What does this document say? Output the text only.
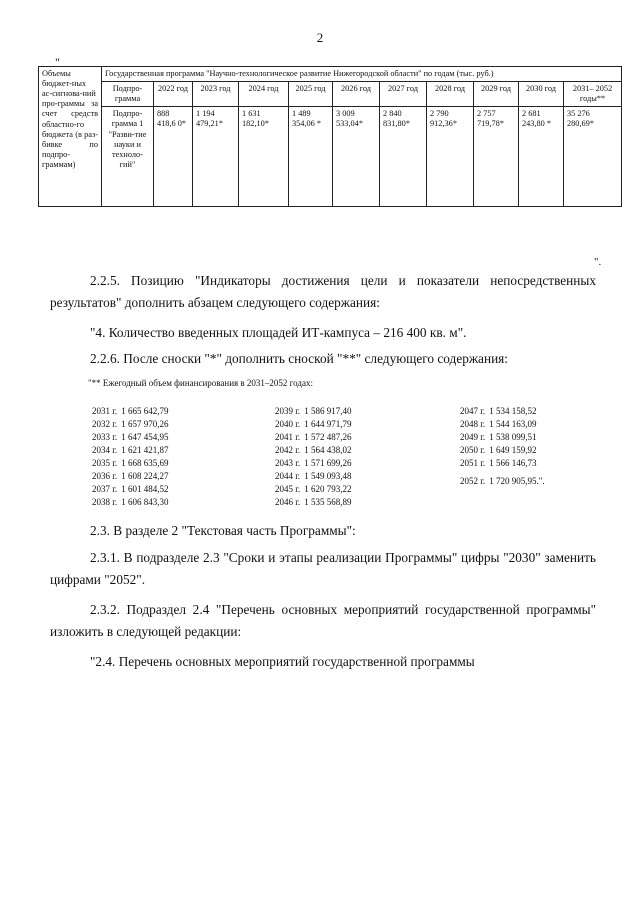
2
"
Объемы бюджет-ных ас-сигнова-ний про-граммы за счет средств областно-го бюджета (в раз-бивке по подпро-граммам)	Государственная программа "Научно-технологическое развитие Нижегородской области" по годам (тыс. руб.)										
	Подпро-грамма	2022 год	2023 год	2024 год	2025 год	2026 год	2027 год	2028 год	2029 год	2030 год	2031– 2052 годы**
	Подпро-грамма 1 "Разви-тие науки и техноло-гий"	888 418,6 0*	1 194 479,21*	1 631 182,10*	1 489 354,06 *	3 009 533,04*	2 840 831,80*	2 790 912,36*	2 757 719,78*	2 681 243,80 *	35 276 280,69*
".
2.2.5. Позицию "Индикаторы достижения цели и показатели непосредственных результатов" дополнить абзацем следующего содержания:
"4. Количество введенных площадей ИТ-кампуса – 216 400 кв. м".
2.2.6. После сноски "*" дополнить сноской "**" следующего содержания:
"** Ежегодный объем финансирования в 2031–2052 годах:
2031 г. 1 665 642,79
2032 г. 1 657 970,26
2033 г. 1 647 454,95
2034 г. 1 621 421,87
2035 г. 1 668 635,69
2036 г. 1 608 224,27
2037 г. 1 601 484,52
2038 г. 1 606 843,30
2039 г. 1 586 917,40
2040 г. 1 644 971,79
2041 г. 1 572 487,26
2042 г. 1 564 438,02
2043 г. 1 571 699,26
2044 г. 1 549 093,48
2045 г. 1 620 793,22
2046 г. 1 535 568,89
2047 г. 1 534 158,52
2048 г. 1 544 163,09
2049 г. 1 538 099,51
2050 г. 1 649 159,92
2051 г. 1 566 146,73
2052 г. 1 720 905,95.".
2.3. В разделе 2 "Текстовая часть Программы":
2.3.1. В подразделе 2.3 "Сроки и этапы реализации Программы" цифры "2030" заменить цифрами "2052".
2.3.2. Подраздел 2.4 "Перечень основных мероприятий государственной программы" изложить в следующей редакции:
"2.4. Перечень основных мероприятий государственной программы
